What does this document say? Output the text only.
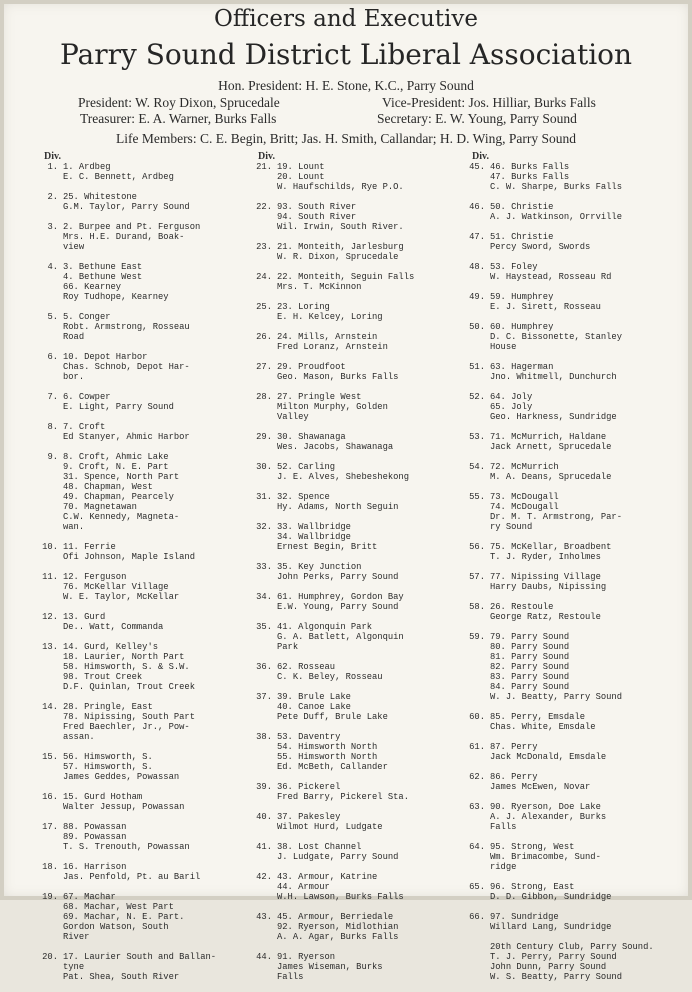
Officers and Executive
Parry Sound District Liberal Association
Hon. President: H. E. Stone, K.C., Parry Sound
President: W. Roy Dixon, Sprucedale	Vice-President: Jos. Hilliar, Burks Falls
Treasurer: E. A. Warner, Burks Falls	Secretary: E. W. Young, Parry Sound
Life Members: C. E. Begin, Britt; Jas. H. Smith, Callandar; H. D. Wing, Parry Sound
Div.	Div.	Div.
1. 1. Ardbeg
E. C. Bennett, Ardbeg
2. 25. Whitestone
G.M. Taylor, Parry Sound
3. 2. Burpee and Pt. Ferguson
Mrs. H.E. Durand, Boak-
view
4. 3. Bethune East
4. Bethune West
66. Kearney
Roy Tudhope, Kearney
5. 5. Conger
Robt. Armstrong, Rosseau
Road
6. 10. Depot Harbor
Chas. Schnob, Depot Har-
bor.
7. 6. Cowper
E. Light, Parry Sound
8. 7. Croft
Ed Stanyer, Ahmic Harbor
9. 8. Croft, Ahmic Lake
9. Croft, N. E. Part
31. Spence, North Part
48. Chapman, West
49. Chapman, Pearcely
70. Magnetawan
C.W. Kennedy, Magneta-
wan.
10. 11. Ferrie
Ofi Johnson, Maple Island
11. 12. Ferguson
76. McKellar Village
W. E. Taylor, McKellar
12. 13. Gurd
De.. Watt, Commanda
13. 14. Gurd, Kelley's
18. Laurier, North Part
58. Himsworth, S. & S.W.
98. Trout Creek
D.F. Quinlan, Trout Creek
14. 28. Pringle, East
78. Nipissing, South Part
Fred Baechler, Jr., Pow-
assan.
15. 56. Himsworth, S.
57. Himsworth, S.
James Geddes, Powassan
16. 15. Gurd Hotham
Walter Jessup, Powassan
17. 88. Powassan
89. Powassan
T. S. Trenouth, Powassan
18. 16. Harrison
Jas. Penfold, Pt. au Baril
19. 67. Machar
68. Machar, West Part
69. Machar, N. E. Part.
Gordon Watson, South
River
20. 17. Laurier South and Ballan-
tyne
Pat. Shea, South River
21. 19. Lount
20. Lount
W. Haufschilds, Rye P.O.
22. 93. South River
94. South River
Wil. Irwin, South River.
23. 21. Monteith, Jarlesburg
W. R. Dixon, Sprucedale
24. 22. Monteith, Seguin Falls
Mrs. T. McKinnon
25. 23. Loring
E. H. Kelcey, Loring
26. 24. Mills, Arnstein
Fred Loranz, Arnstein
27. 29. Proudfoot
Geo. Mason, Burks Falls
28. 27. Pringle West
Milton Murphy, Golden
Valley
29. 30. Shawanaga
Wes. Jacobs, Shawanaga
30. 52. Carling
J. E. Alves, Shebeshekong
31. 32. Spence
Hy. Adams, North Seguin
32. 33. Wallbridge
34. Wallbridge
Ernest Begin, Britt
33. 35. Key Junction
John Perks, Parry Sound
34. 61. Humphrey, Gordon Bay
E.W. Young, Parry Sound
35. 41. Algonquin Park
G. A. Batlett, Algonquin
Park
36. 62. Rosseau
C. K. Beley, Rosseau
37. 39. Brule Lake
40. Canoe Lake
Pete Duff, Brule Lake
38. 53. Daventry
54. Himsworth North
55. Himsworth North
Ed. McBeth, Callander
39. 36. Pickerel
Fred Barry, Pickerel Sta.
40. 37. Pakesley
Wilmot Hurd, Ludgate
41. 38. Lost Channel
J. Ludgate, Parry Sound
42. 43. Armour, Katrine
44. Armour
W.H. Lawson, Burks Falls
43. 45. Armour, Berriedale
92. Ryerson, Midlothian
A. A. Agar, Burks Falls
44. 91. Ryerson
James Wiseman, Burks
Falls
45. 46. Burks Falls
47. Burks Falls
C. W. Sharpe, Burks Falls
46. 50. Christie
A. J. Watkinson, Orrville
47. 51. Christie
Percy Sword, Swords
48. 53. Foley
W. Haystead, Rosseau Rd
49. 59. Humphrey
E. J. Sirett, Rosseau
50. 60. Humphrey
D. C. Bissonette, Stanley
House
51. 63. Hagerman
Jno. Whitmell, Dunchurch
52. 64. Joly
65. Joly
Geo. Harkness, Sundridge
53. 71. McMurrich, Haldane
Jack Arnett, Sprucedale
54. 72. McMurrich
M. A. Deans, Sprucedale
55. 73. McDougall
74. McDougall
Dr. M. T. Armstrong, Par-
ry Sound
56. 75. McKellar, Broadbent
T. J. Ryder, Inholmes
57. 77. Nipissing Village
Harry Daubs, Nipissing
58. 26. Restoule
George Ratz, Restoule
59. 79. Parry Sound
80. Parry Sound
81. Parry Sound
82. Parry Sound
83. Parry Sound
84. Parry Sound
W. J. Beatty, Parry Sound
60. 85. Perry, Emsdale
Chas. White, Emsdale
61. 87. Perry
Jack McDonald, Emsdale
62. 86. Perry
James McEwen, Novar
63. 90. Ryerson, Doe Lake
A. J. Alexander, Burks
Falls
64. 95. Strong, West
Wm. Brimacombe, Sund-
ridge
65. 96. Strong, East
D. D. Gibbon, Sundridge
66. 97. Sundridge
Willard Lang, Sundridge
20th Century Club, Parry Sound.
T. J. Perry, Parry Sound
John Dunn, Parry Sound
W. S. Beatty, Parry Sound
